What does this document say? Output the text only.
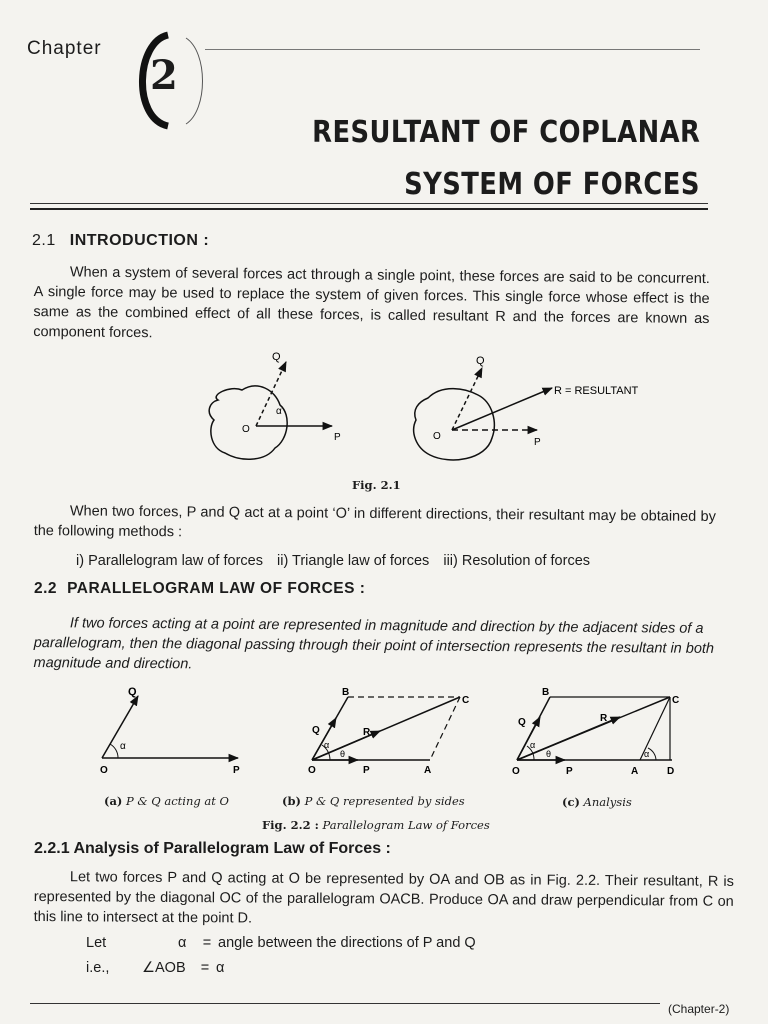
Chapter
2
RESULTANT OF COPLANAR
SYSTEM OF FORCES
2.1 INTRODUCTION :
When a system of several forces act through a single point, these forces are said to be concurrent. A single force may be used to replace the system of given forces. This single force whose effect is the same as the combined effect of all these forces, is called resultant R and the forces are known as component forces.
Q
O
P
α
Q
O
P
R = RESULTANT
Fig. 2.1
When two forces, P and Q act at a point ‘O’ in different directions, their resultant may be obtained by the following methods :
i) Parallelogram law of forces ii) Triangle law of forces iii) Resolution of forces
2.2 PARALLELOGRAM LAW OF FORCES :
If two forces acting at a point are represented in magnitude and direction by the adjacent sides of a parallelogram, then the diagonal passing through their point of intersection represents the resultant in both magnitude and direction.
Q
O	P
α
B
C
Q	R
O	P	A
α
θ
B
C
Q	R
O	P	A	D
α
θ	α
(a) P & Q acting at O	(b) P & Q represented by sides	(c) Analysis
Fig. 2.2 : Parallelogram Law of Forces
2.2.1 Analysis of Parallelogram Law of Forces :
Let two forces P and Q acting at O be represented by OA and OB as in Fig. 2.2. Their resultant, R is represented by the diagonal OC of the parallelogram OACB. Produce OA and draw perpendicular from C on this line to intersect at the point D.
Let	α = angle between the directions of P and Q
i.e., ∠AOB = α
(Chapter-2)
